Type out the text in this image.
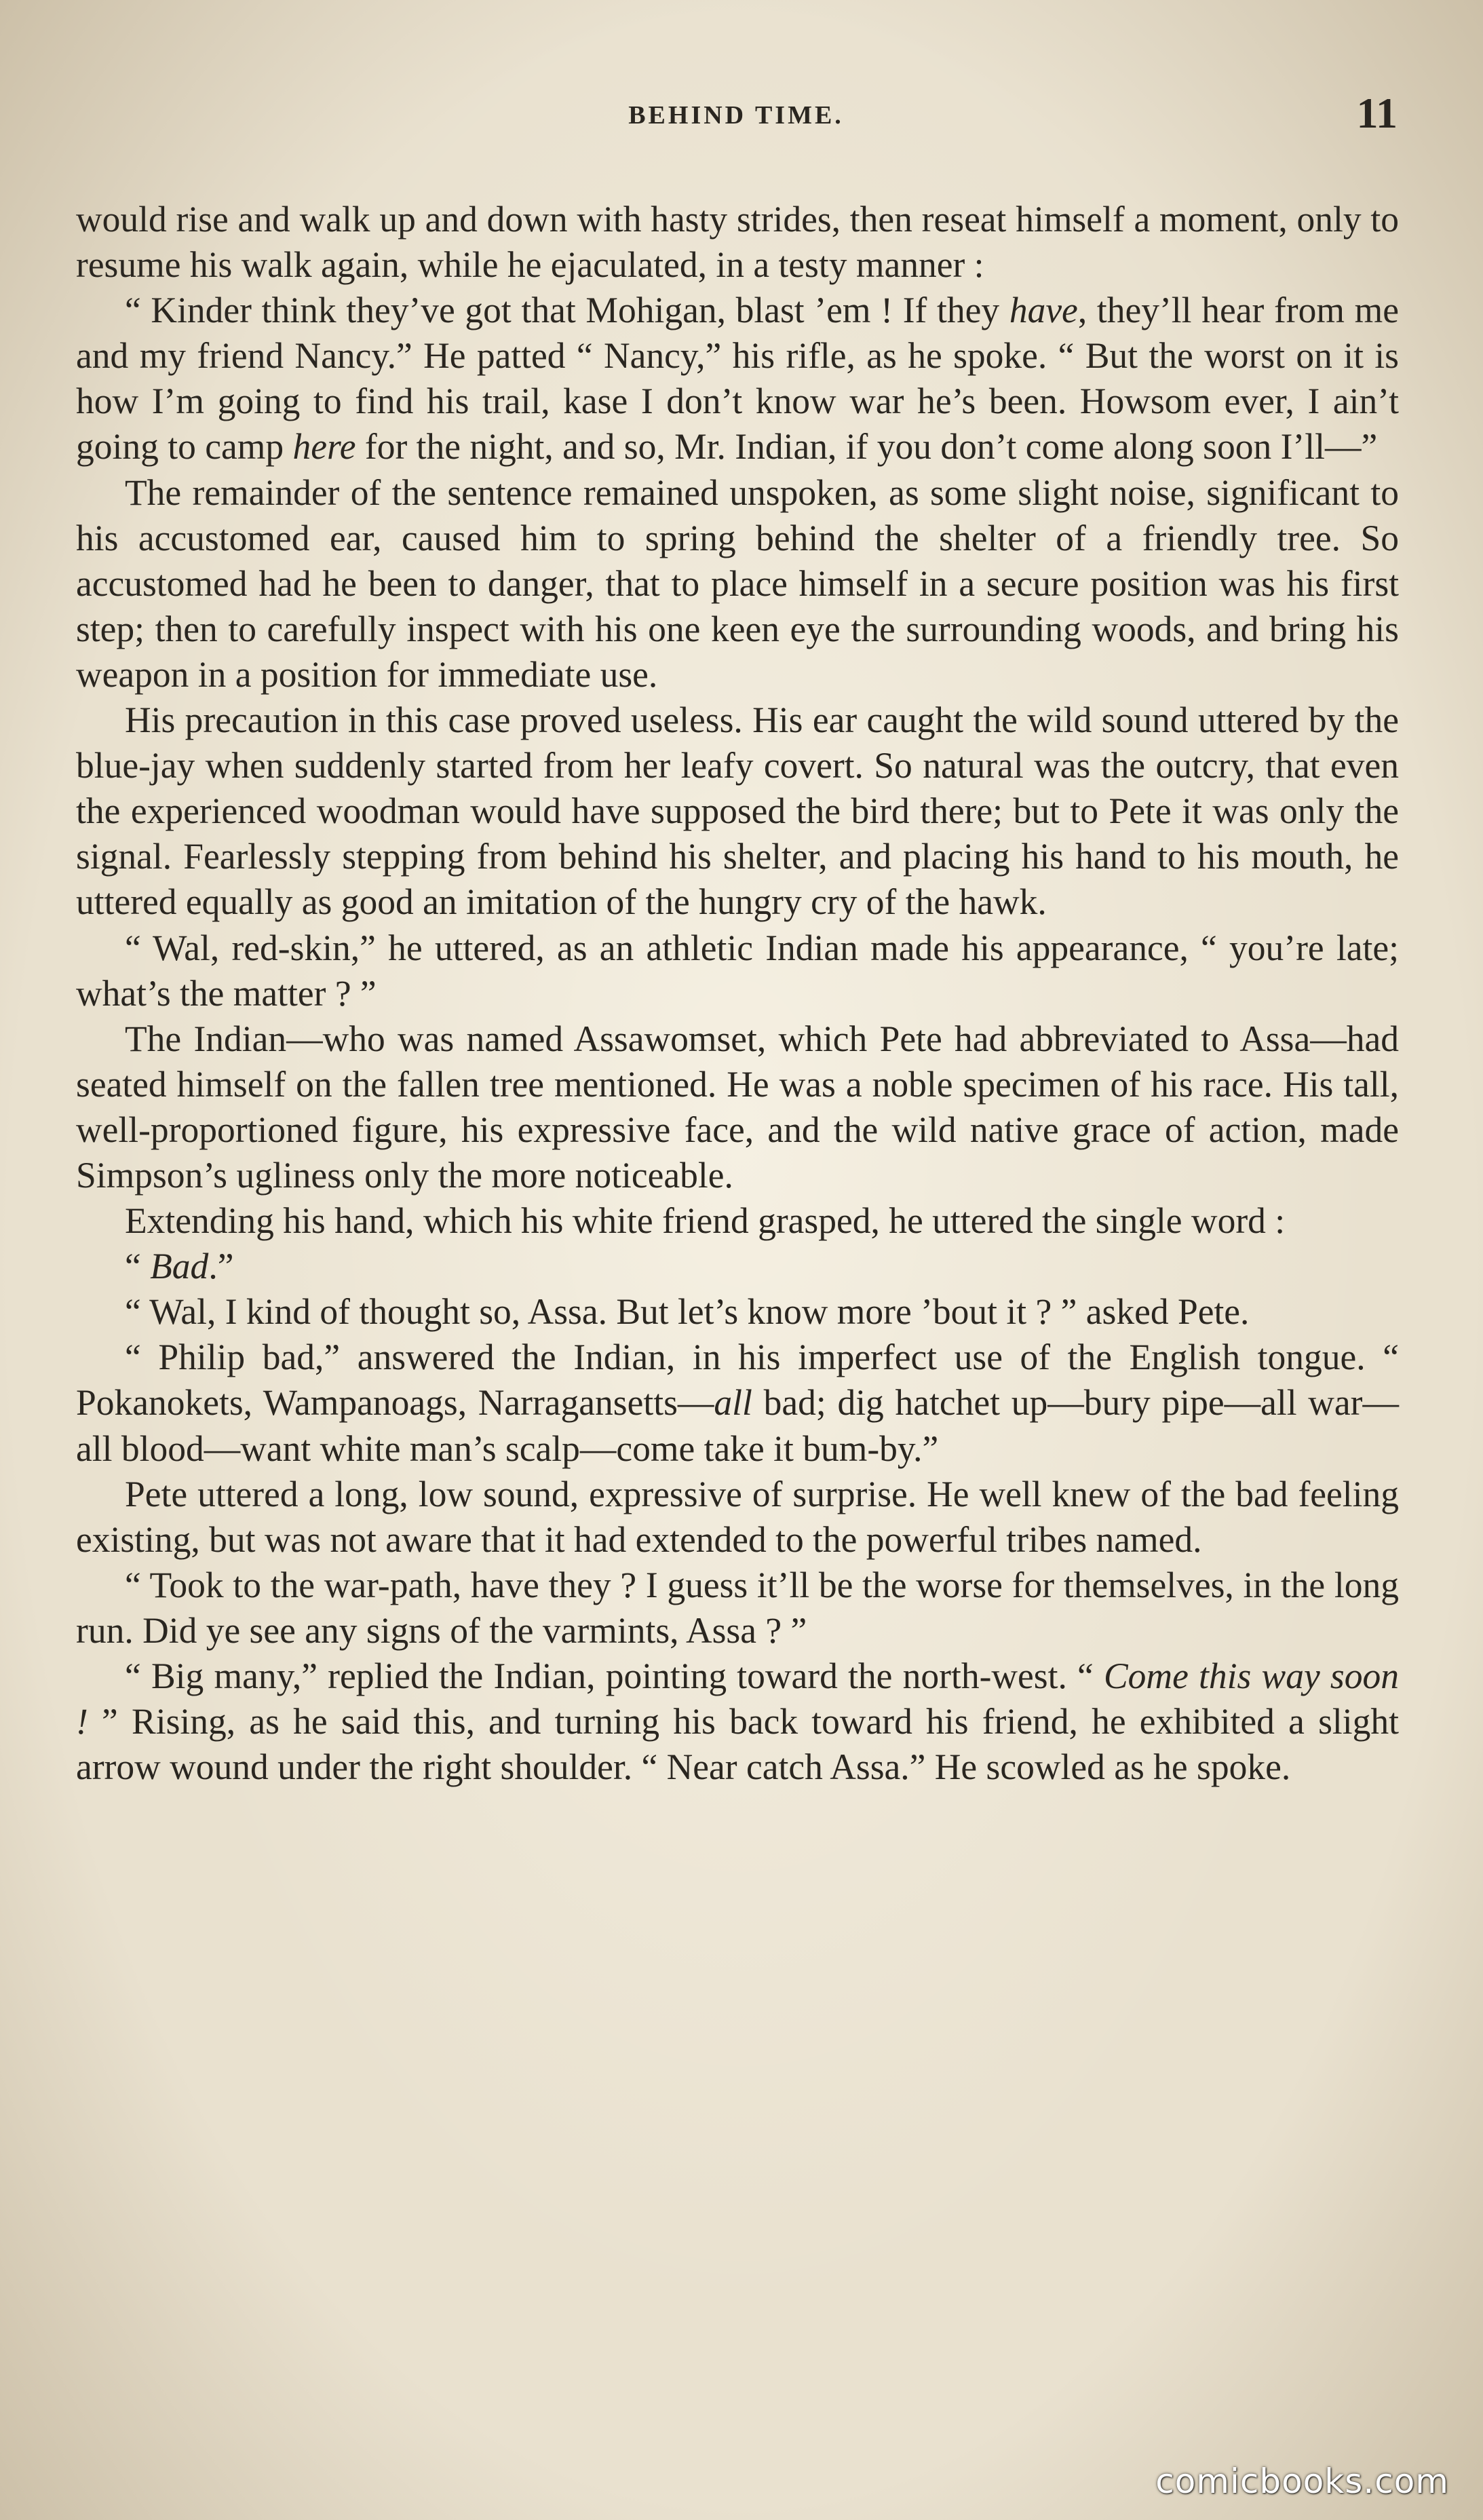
BEHIND TIME.	11

would rise and walk up and down with hasty strides, then reseat himself a moment, only to resume his walk again, while he ejaculated, in a testy manner :

“ Kinder think they’ve got that Mohigan, blast ’em ! If they have, they’ll hear from me and my friend Nancy.” He patted “ Nancy,” his rifle, as he spoke. “ But the worst on it is how I’m going to find his trail, kase I don’t know war he’s been. Howsom ever, I ain’t going to camp here for the night, and so, Mr. Indian, if you don’t come along soon I’ll—”

The remainder of the sentence remained unspoken, as some slight noise, significant to his accustomed ear, caused him to spring behind the shelter of a friendly tree. So accustomed had he been to danger, that to place himself in a secure position was his first step; then to carefully inspect with his one keen eye the surrounding woods, and bring his weapon in a position for immediate use.

His precaution in this case proved useless. His ear caught the wild sound uttered by the blue-jay when suddenly started from her leafy covert. So natural was the outcry, that even the experienced woodman would have supposed the bird there; but to Pete it was only the signal. Fearlessly stepping from behind his shelter, and placing his hand to his mouth, he uttered equally as good an imitation of the hungry cry of the hawk.

“ Wal, red-skin,” he uttered, as an athletic Indian made his appearance, “ you’re late; what’s the matter ? ”

The Indian—who was named Assawomset, which Pete had abbreviated to Assa—had seated himself on the fallen tree mentioned. He was a noble specimen of his race. His tall, well-proportioned figure, his expressive face, and the wild native grace of action, made Simpson’s ugliness only the more noticeable.

Extending his hand, which his white friend grasped, he uttered the single word :

“ Bad.”

“ Wal, I kind of thought so, Assa. But let’s know more ’bout it ? ” asked Pete.

“ Philip bad,” answered the Indian, in his imperfect use of the English tongue. “ Pokanokets, Wampanoags, Narragansetts—all bad; dig hatchet up—bury pipe—all war—all blood—want white man’s scalp—come take it bum-by.”

Pete uttered a long, low sound, expressive of surprise. He well knew of the bad feeling existing, but was not aware that it had extended to the powerful tribes named.

“ Took to the war-path, have they ? I guess it’ll be the worse for themselves, in the long run. Did ye see any signs of the varmints, Assa ? ”

“ Big many,” replied the Indian, pointing toward the north-west. “ Come this way soon ! ” Rising, as he said this, and turning his back toward his friend, he exhibited a slight arrow wound under the right shoulder. “ Near catch Assa.” He scowled as he spoke.

comicbooks.com
